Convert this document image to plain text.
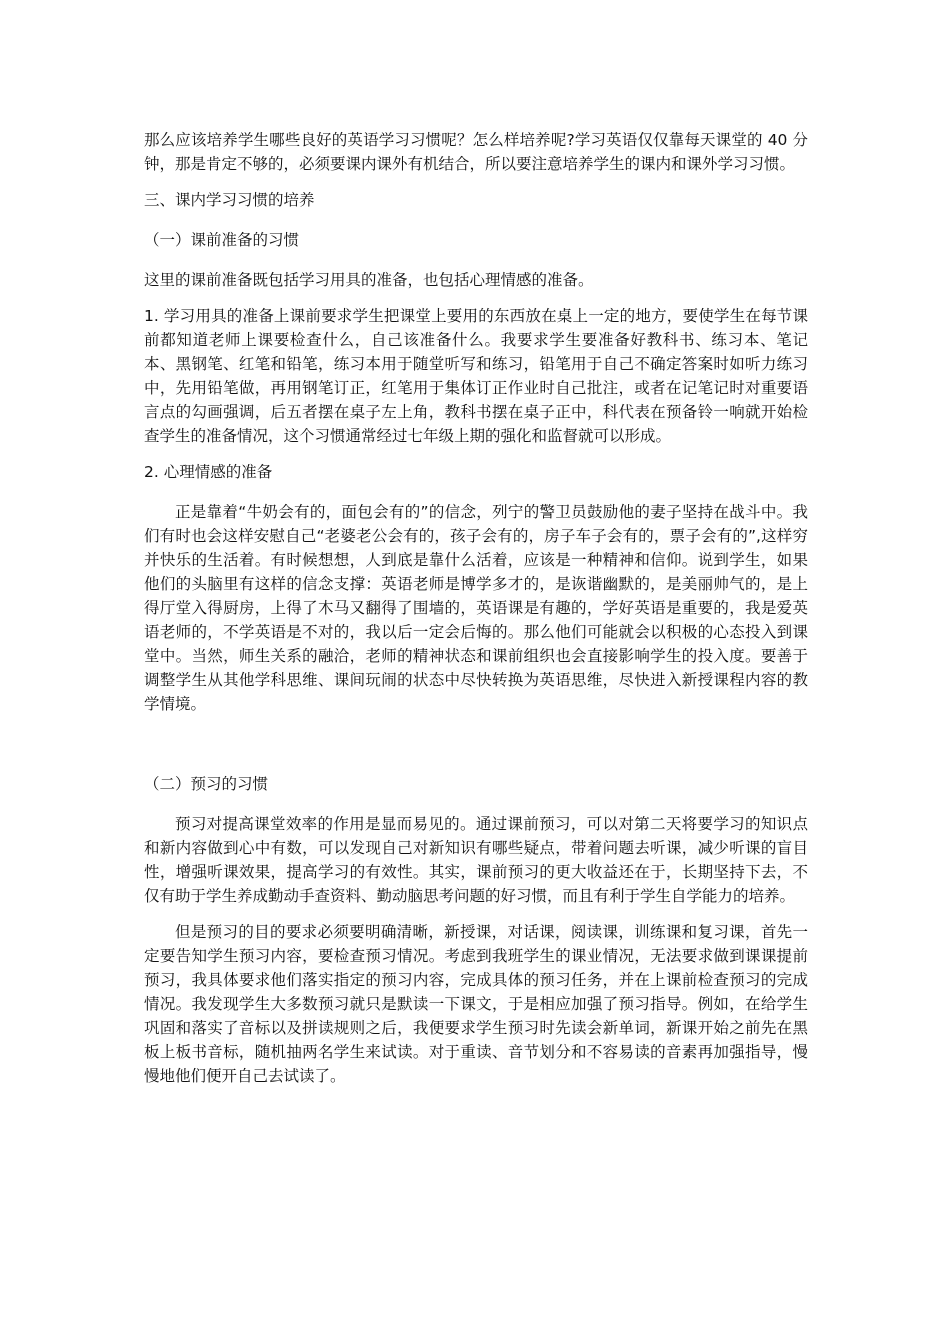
那么应该培养学生哪些良好的英语学习习惯呢？怎么样培养呢?学习英语仅仅靠每天课堂的 40 分钟，那是肯定不够的，必须要课内课外有机结合，所以要注意培养学生的课内和课外学习习惯。

三、课内学习习惯的培养

（一）课前准备的习惯

这里的课前准备既包括学习用具的准备，也包括心理情感的准备。

1. 学习用具的准备上课前要求学生把课堂上要用的东西放在桌上一定的地方，要使学生在每节课前都知道老师上课要检查什么，自己该准备什么。我要求学生要准备好教科书、练习本、笔记本、黑钢笔、红笔和铅笔，练习本用于随堂听写和练习，铅笔用于自己不确定答案时如听力练习中，先用铅笔做，再用钢笔订正，红笔用于集体订正作业时自己批注，或者在记笔记时对重要语言点的勾画强调，后五者摆在桌子左上角，教科书摆在桌子正中，科代表在预备铃一响就开始检查学生的准备情况，这个习惯通常经过七年级上期的强化和监督就可以形成。

2. 心理情感的准备

正是靠着“牛奶会有的，面包会有的”的信念，列宁的警卫员鼓励他的妻子坚持在战斗中。我们有时也会这样安慰自己“老婆老公会有的，孩子会有的，房子车子会有的，票子会有的”,这样穷并快乐的生活着。有时候想想，人到底是靠什么活着，应该是一种精神和信仰。说到学生，如果他们的头脑里有这样的信念支撑：英语老师是博学多才的，是诙谐幽默的，是美丽帅气的，是上得厅堂入得厨房，上得了木马又翻得了围墙的，英语课是有趣的，学好英语是重要的，我是爱英语老师的，不学英语是不对的，我以后一定会后悔的。那么他们可能就会以积极的心态投入到课堂中。当然，师生关系的融洽，老师的精神状态和课前组织也会直接影响学生的投入度。要善于调整学生从其他学科思维、课间玩闹的状态中尽快转换为英语思维，尽快进入新授课程内容的教学情境。

（二）预习的习惯

预习对提高课堂效率的作用是显而易见的。通过课前预习，可以对第二天将要学习的知识点和新内容做到心中有数，可以发现自己对新知识有哪些疑点，带着问题去听课，减少听课的盲目性，增强听课效果，提高学习的有效性。其实，课前预习的更大收益还在于，长期坚持下去，不仅有助于学生养成勤动手查资料、勤动脑思考问题的好习惯，而且有利于学生自学能力的培养。

但是预习的目的要求必须要明确清晰，新授课，对话课，阅读课，训练课和复习课，首先一定要告知学生预习内容，要检查预习情况。考虑到我班学生的课业情况，无法要求做到课课提前预习，我具体要求他们落实指定的预习内容，完成具体的预习任务，并在上课前检查预习的完成情况。我发现学生大多数预习就只是默读一下课文，于是相应加强了预习指导。例如，在给学生巩固和落实了音标以及拼读规则之后，我便要求学生预习时先读会新单词，新课开始之前先在黑板上板书音标，随机抽两名学生来试读。对于重读、音节划分和不容易读的音素再加强指导，慢慢地他们便开自己去试读了。
